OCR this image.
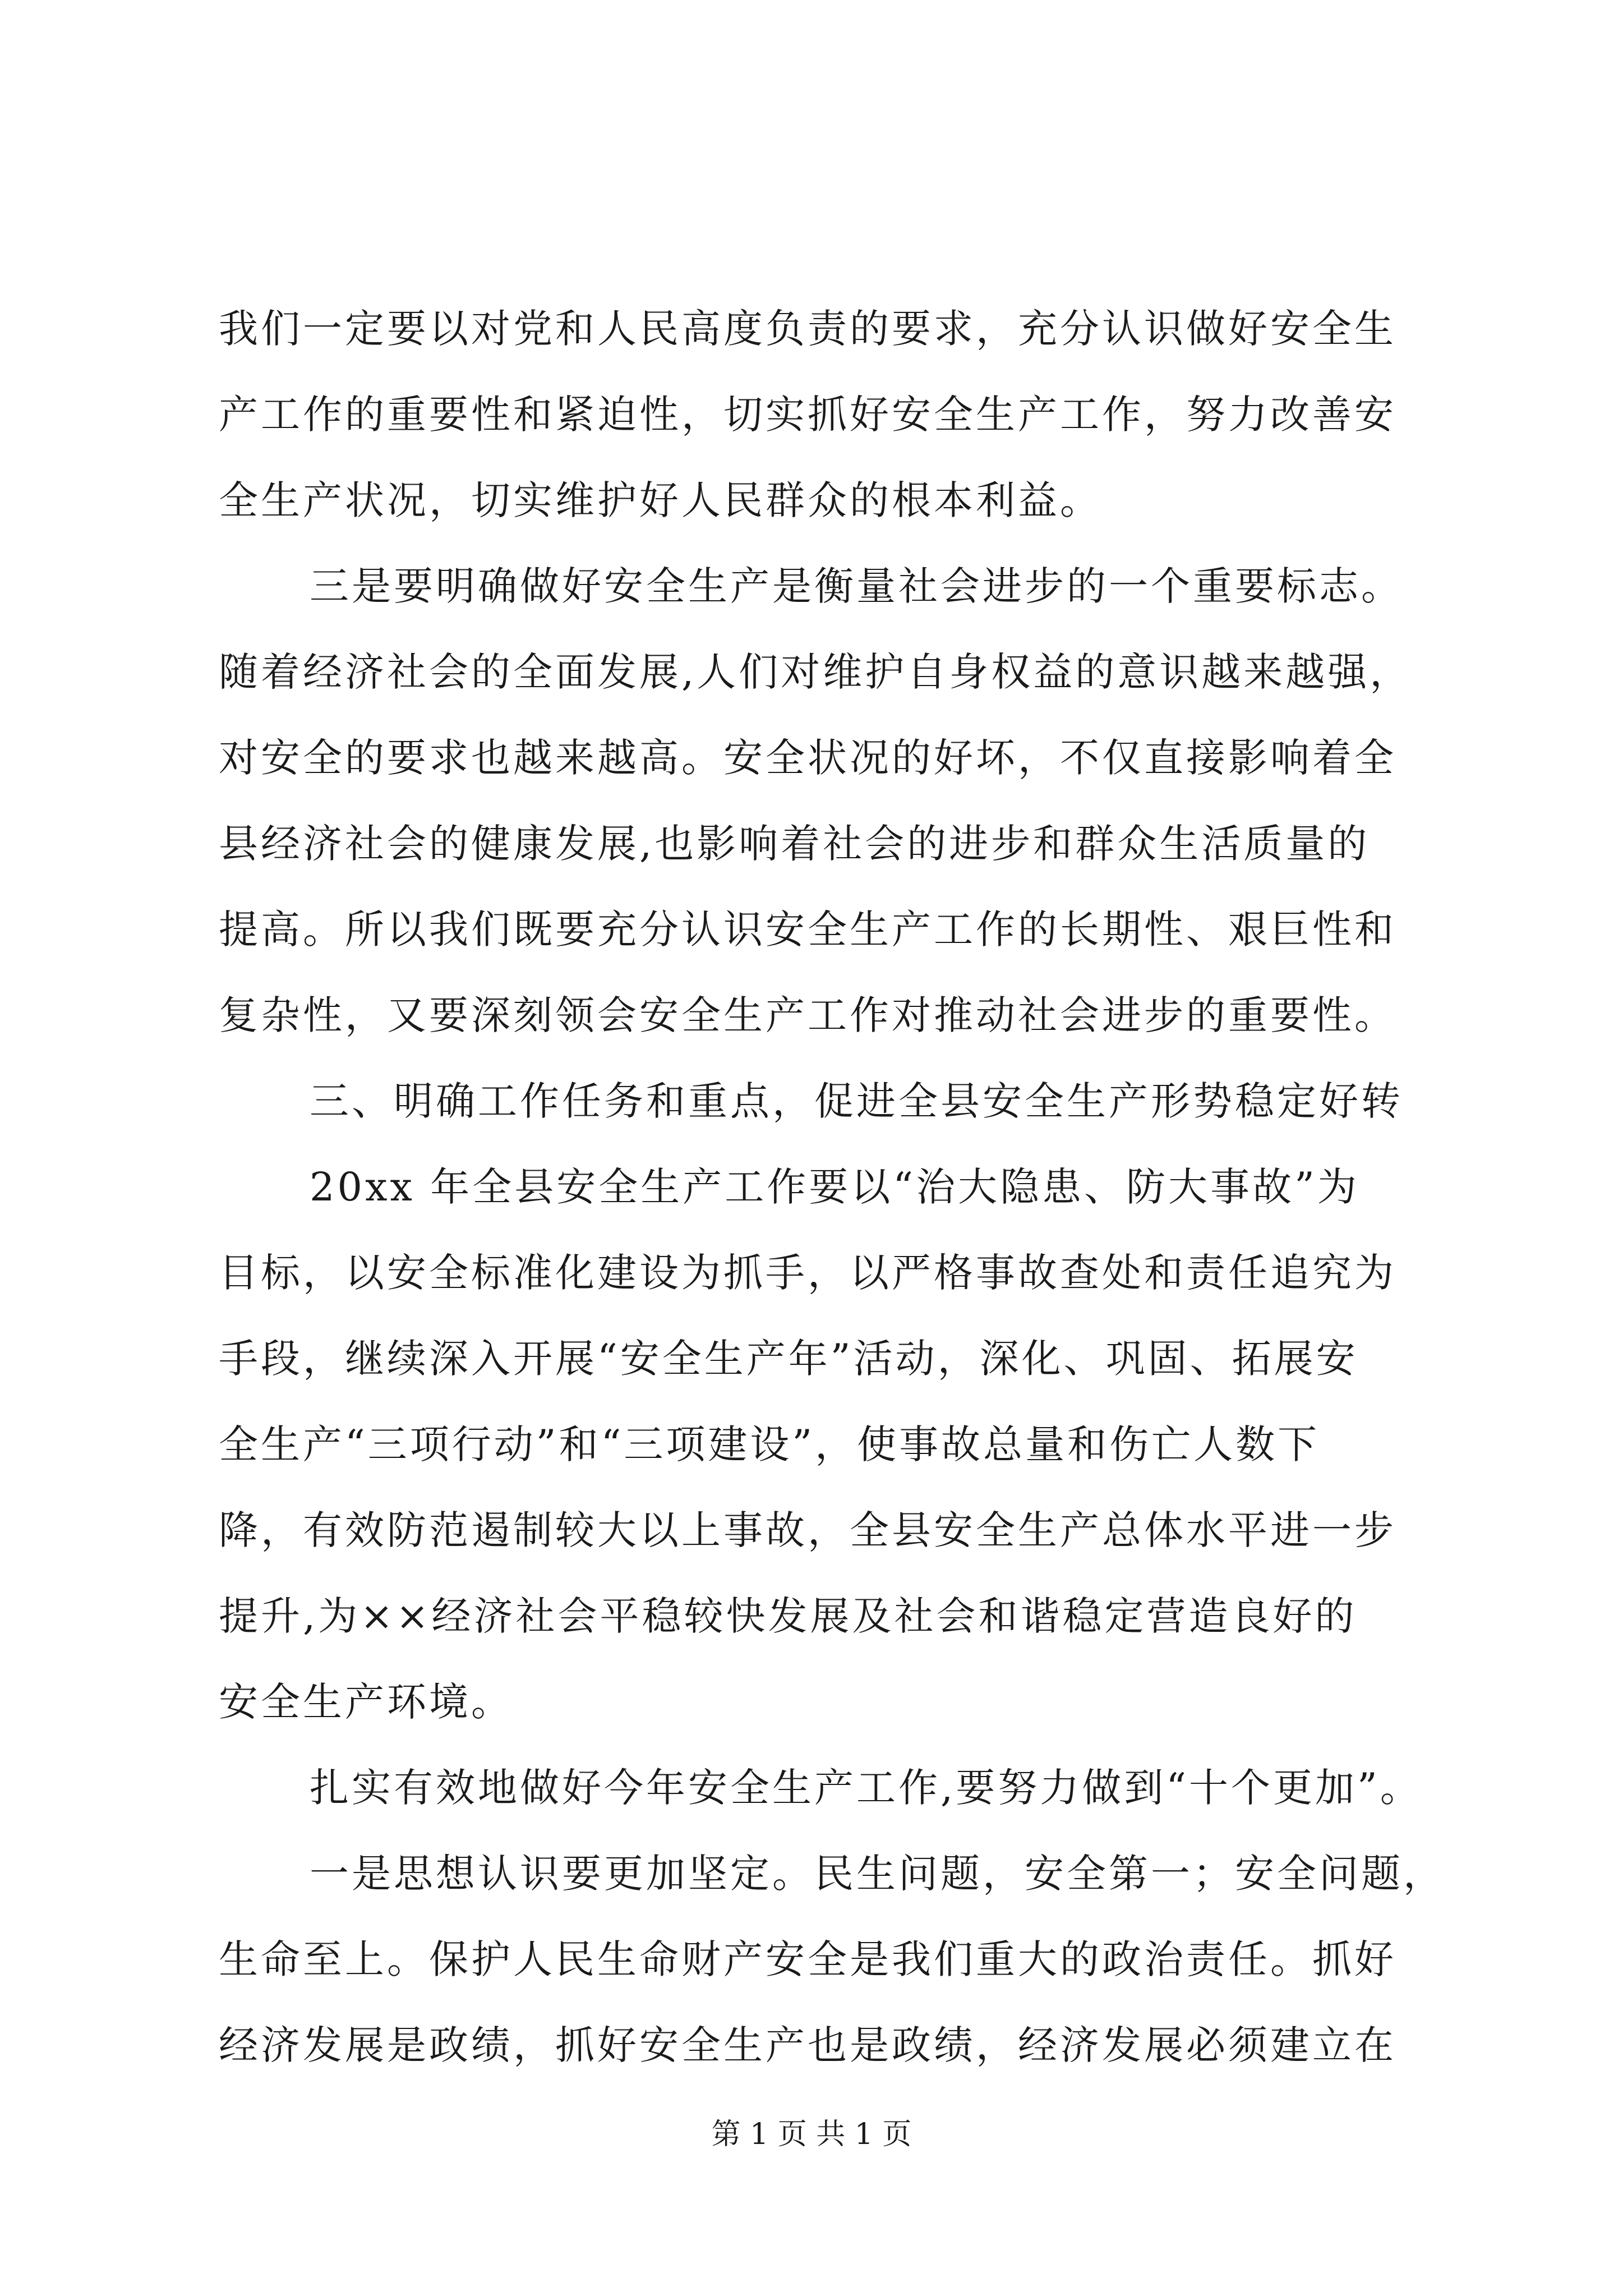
我们一定要以对党和人民高度负责的要求，充分认识做好安全生
产工作的重要性和紧迫性，切实抓好安全生产工作，努力改善安
全生产状况，切实维护好人民群众的根本利益。

三是要明确做好安全生产是衡量社会进步的一个重要标志。
随着经济社会的全面发展,人们对维护自身权益的意识越来越强，
对安全的要求也越来越高。安全状况的好坏，不仅直接影响着全
县经济社会的健康发展,也影响着社会的进步和群众生活质量的
提高。所以我们既要充分认识安全生产工作的长期性、艰巨性和
复杂性，又要深刻领会安全生产工作对推动社会进步的重要性。

三、明确工作任务和重点，促进全县安全生产形势稳定好转

20xx 年全县安全生产工作要以“治大隐患、防大事故”为
目标，以安全标准化建设为抓手，以严格事故查处和责任追究为
手段，继续深入开展“安全生产年”活动，深化、巩固、拓展安
全生产“三项行动”和“三项建设”，使事故总量和伤亡人数下
降，有效防范遏制较大以上事故，全县安全生产总体水平进一步
提升,为××经济社会平稳较快发展及社会和谐稳定营造良好的
安全生产环境。

扎实有效地做好今年安全生产工作,要努力做到“十个更加”。

一是思想认识要更加坚定。民生问题，安全第一；安全问题，
生命至上。保护人民生命财产安全是我们重大的政治责任。抓好
经济发展是政绩，抓好安全生产也是政绩，经济发展必须建立在

第 1 页 共 1 页
